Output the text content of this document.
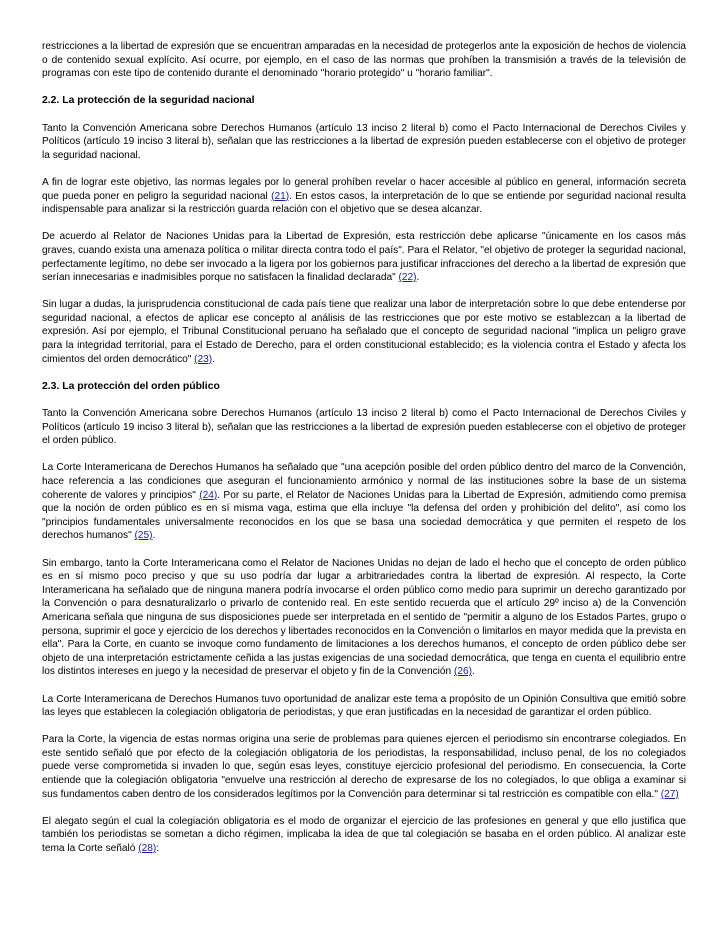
restricciones a la libertad de expresión que se encuentran amparadas en la necesidad de protegerlos ante la exposición de hechos de violencia o de contenido sexual explícito. Así ocurre, por ejemplo, en el caso de las normas que prohíben la transmisión a través de la televisión de programas con este tipo de contenido durante el denominado "horario protegido" u "horario familiar".

2.2. La protección de la seguridad nacional

Tanto la Convención Americana sobre Derechos Humanos (artículo 13 inciso 2 literal b) como el Pacto Internacional de Derechos Civiles y Políticos (artículo 19 inciso 3 literal b), señalan que las restricciones a la libertad de expresión pueden establecerse con el objetivo de proteger la seguridad nacional.

A fin de lograr este objetivo, las normas legales por lo general prohíben revelar o hacer accesible al público en general, información secreta que pueda poner en peligro la seguridad nacional (21). En estos casos, la interpretación de lo que se entiende por seguridad nacional resulta indispensable para analizar si la restricción guarda relación con el objetivo que se desea alcanzar.

De acuerdo al Relator de Naciones Unidas para la Libertad de Expresión, esta restricción debe aplicarse "únicamente en los casos más graves, cuando exista una amenaza política o militar directa contra todo el país". Para el Relator, "el objetivo de proteger la seguridad nacional, perfectamente legítimo, no debe ser invocado a la ligera por los gobiernos para justificar infracciones del derecho a la libertad de expresión que serían innecesarias e inadmisibles porque no satisfacen la finalidad declarada" (22).

Sin lugar a dudas, la jurisprudencia constitucional de cada país tiene que realizar una labor de interpretación sobre lo que debe entenderse por seguridad nacional, a efectos de aplicar ese concepto al análisis de las restricciones que por este motivo se establezcan a la libertad de expresión. Así por ejemplo, el Tribunal Constitucional peruano ha señalado que el concepto de seguridad nacional "implica un peligro grave para la integridad territorial, para el Estado de Derecho, para el orden constitucional establecido; es la violencia contra el Estado y afecta los cimientos del orden democrático" (23).

2.3. La protección del orden público

Tanto la Convención Americana sobre Derechos Humanos (artículo 13 inciso 2 literal b) como el Pacto Internacional de Derechos Civiles y Políticos (artículo 19 inciso 3 literal b), señalan que las restricciones a la libertad de expresión pueden establecerse con el objetivo de proteger el orden público.

La Corte Interamericana de Derechos Humanos ha señalado que "una acepción posible del orden público dentro del marco de la Convención, hace referencia a las condiciones que aseguran el funcionamiento armónico y normal de las instituciones sobre la base de un sistema coherente de valores y principios" (24). Por su parte, el Relator de Naciones Unidas para la Libertad de Expresión, admitiendo como premisa que la noción de orden público es en sí misma vaga, estima que ella incluye "la defensa del orden y prohibición del delito", así como los "principios fundamentales universalmente reconocidos en los que se basa una sociedad democrática y que permiten el respeto de los derechos humanos" (25).

Sin embargo, tanto la Corte Interamericana como el Relator de Naciones Unidas no dejan de lado el hecho que el concepto de orden público es en sí mismo poco preciso y que su uso podría dar lugar a arbitrariedades contra la libertad de expresión. Al respecto, la Corte Interamericana ha señalado que de ninguna manera podría invocarse el orden público como medio para suprimir un derecho garantizado por la Convención o para desnaturalizarlo o privarlo de contenido real. En este sentido recuerda que el artículo 29º inciso a) de la Convención Americana señala que ninguna de sus disposiciones puede ser interpretada en el sentido de "permitir a alguno de los Estados Partes, grupo o persona, suprimir el goce y ejercicio de los derechos y libertades reconocidos en la Convención o limitarlos en mayor medida que la prevista en ella". Para la Corte, en cuanto se invoque como fundamento de limitaciones a los derechos humanos, el concepto de orden público debe ser objeto de una interpretación estrictamente ceñida a las justas exigencias de una sociedad democrática, que tenga en cuenta el equilibrio entre los distintos intereses en juego y la necesidad de preservar el objeto y fin de la Convención (26).

La Corte Interamericana de Derechos Humanos tuvo oportunidad de analizar este tema a propósito de un Opinión Consultiva que emitió sobre las leyes que establecen la colegiación obligatoria de periodistas, y que eran justificadas en la necesidad de garantizar el orden público.

Para la Corte, la vigencia de estas normas origina una serie de problemas para quienes ejercen el periodismo sin encontrarse colegiados. En este sentido señaló que por efecto de la colegiación obligatoria de los periodistas, la responsabilidad, incluso penal, de los no colegiados puede verse comprometida si invaden lo que, según esas leyes, constituye ejercicio profesional del periodismo. En consecuencia, la Corte entiende que la colegiación obligatoria "envuelve una restricción al derecho de expresarse de los no colegiados, lo que obliga a examinar si sus fundamentos caben dentro de los considerados legítimos por la Convención para determinar si tal restricción es compatible con ella." (27)

El alegato según el cual la colegiación obligatoria es el modo de organizar el ejercicio de las profesiones en general y que ello justifica que también los periodistas se sometan a dicho régimen, implicaba la idea de que tal colegiación se basaba en el orden público. Al analizar este tema la Corte señaló (28):
